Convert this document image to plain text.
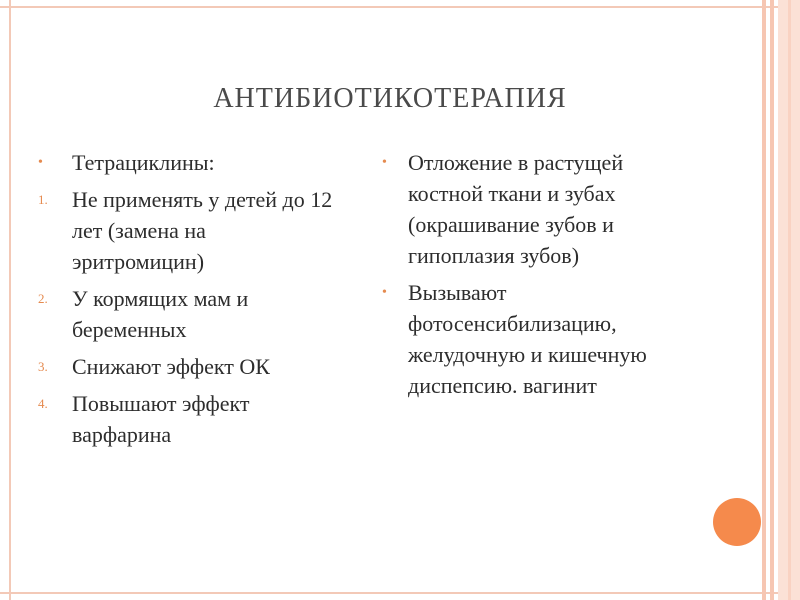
АНТИБИОТИКОТЕРАПИЯ
•	Тетрациклины:
1.	Не применять у детей до 12 лет (замена на эритромицин)
2.	У кормящих мам и беременных
3.	Снижают эффект ОК
4.	Повышают эффект варфарина
• Отложение в растущей костной ткани и зубах (окрашивание зубов и гипоплазия зубов)
• Вызывают фотосенсибилизацию, желудочную и кишечную диспепсию. вагинит
